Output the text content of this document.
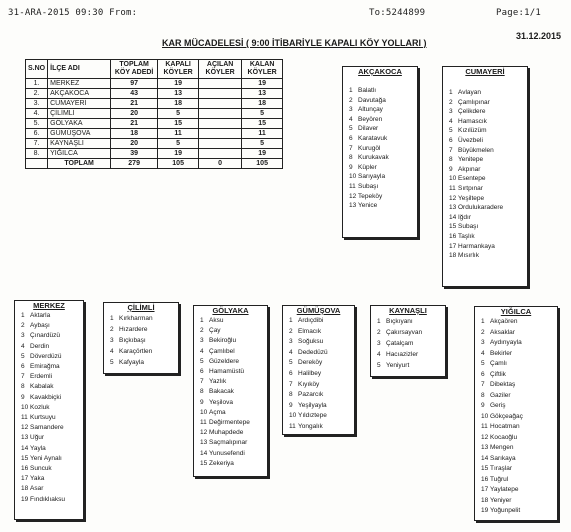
31-ARA-2015 09:30 From:	To:5244899	Page:1/1
31.12.2015
KAR MÜCADELESİ ( 9:00 İTİBARİYLE KAPALI KÖY YOLLARI )
S.NO	İLÇE ADI	TOPLAM KÖY ADEDİ	KAPALI KÖYLER	AÇILAN KÖYLER	KALAN KÖYLER
1.	MERKEZ	97	19		19
2.	AKÇAKOCA	43	13		13
3.	CUMAYERİ	21	18		18
4.	ÇİLİMLİ	20	5		5
5.	GÖLYAKA	21	15		15
6.	GÜMÜŞOVA	18	11		11
7.	KAYNAŞLI	20	5		5
8.	YIĞILCA	39	19		19
	TOPLAM	279	105	0	105
AKÇAKOCA
1 Balatlı
2 Davutağa
3 Altunçay
4 Beyören
5 Dilaver
6 Karatavuk
7 Kurugöl
8 Kurukavak
9 Küpler
10 Sarıyayla
11 Subaşı
12 Tepeköy
13 Yenice
CUMAYERİ
1 Avlayan
2 Çamlıpınar
3 Çelikdere
4 Hamascık
5 Kızılüzüm
6 Üvezbeli
7 Büyükmelen
8 Yenitepe
9 Akpınar
10 Esentepe
11 Sırtpınar
12 Yeşiltepe
13 Ordulukaradere
14 Iğdır
15 Subaşı
16 Taşlık
17 Harmankaya
18 Mısırlık
MERKEZ
1 Aktarla
2 Aybaşı
3 Çınardüzü
4 Derdin
5 Döverdüzü
6 Emirağma
7 Erdemli
8 Kabalak
9 Kavakbiçki
10 Kozluk
11 Kurtsuyu
12 Samandere
13 Uğur
14 Yayla
15 Yeni Aynalı
16 Suncuk
17 Yaka
18 Asar
19 Fındıklıaksu
ÇİLİMLİ
1 Kırkharman
2 Hızardere
3 Bıçkıbaşı
4 Karaçörtlen
5 Kafyayla
GÖLYAKA
1 Aksu
2 Çay
3 Bekiroğlu
4 Çamlıbel
5 Güzeldere
6 Hamamüstü
7 Yazlık
8 Bakacak
9 Yeşilova
10 Açma
11 Değirmentepe
12 Muhapdede
13 Saçmalıpınar
14 Yunusefendi
15 Zekeriya
GÜMÜŞOVA
1 Ardıçdibi
2 Elmacık
3 Soğuksu
4 Dededüzü
5 Dereköy
6 Halilbey
7 Kıyıköy
8 Pazarcık
9 Yeşilyayla
10 Yıldıztepe
11 Yongalık
KAYNAŞLI
1 Bıçkıyanı
2 Çakırsayvan
3 Çatalçam
4 Hacıazizler
5 Yeniyurt
YIĞILCA
1 Akçaören
2 Aksaklar
3 Aydınyayla
4 Bekirler
5 Çamlı
6 Çiftlik
7 Dibektaş
8 Gaziler
9 Geriş
10 Gökçeağaç
11 Hocatman
12 Kocaoğlu
13 Mengen
14 Sarıkaya
15 Tıraşlar
16 Tuğrul
17 Yaylatepe
18 Yeniyer
19 Yoğunpelit
